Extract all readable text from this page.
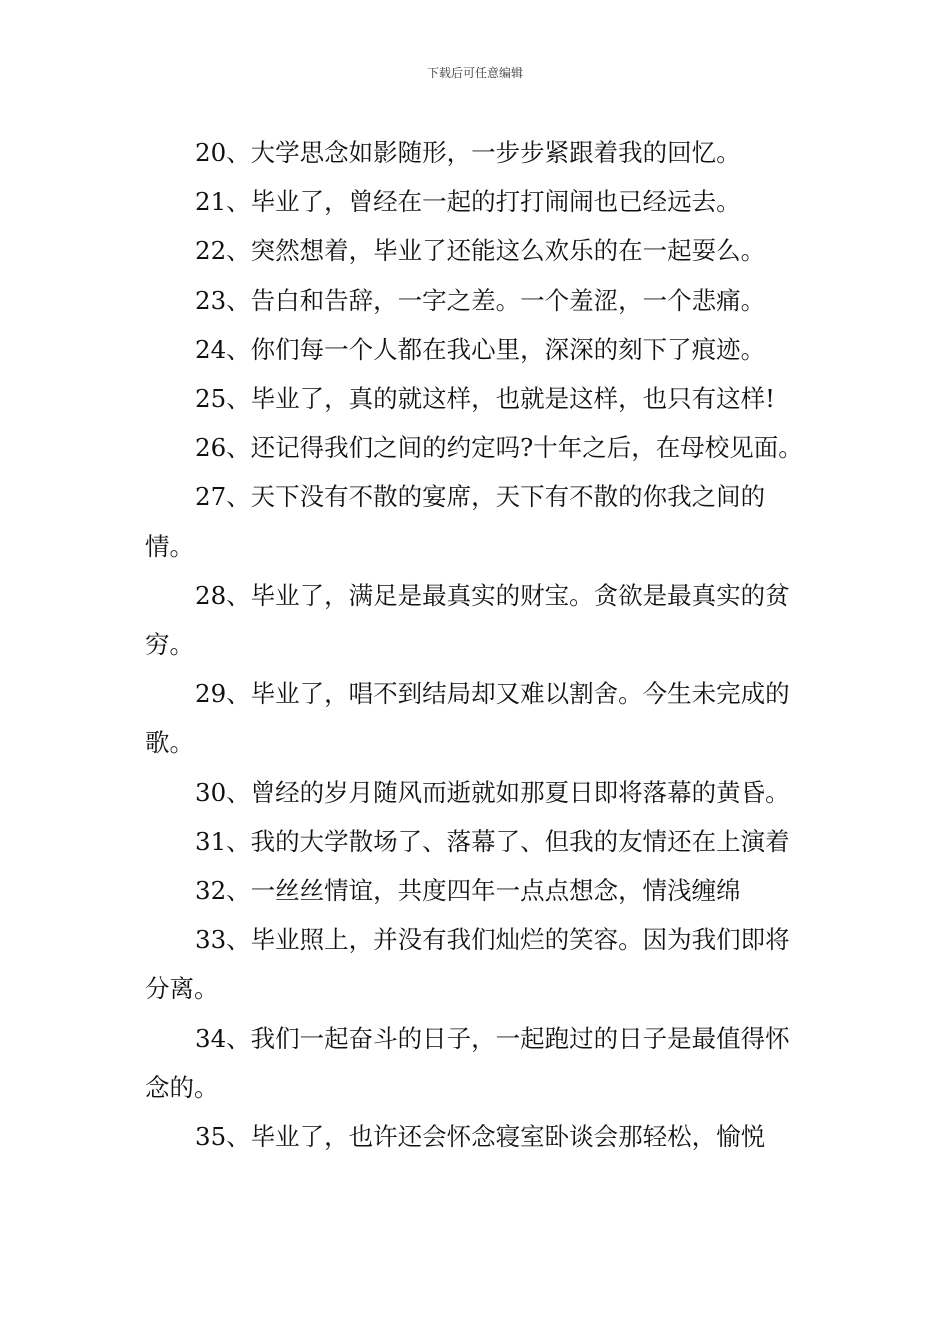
下载后可任意编辑

20、大学思念如影随形，一步步紧跟着我的回忆。

21、毕业了，曾经在一起的打打闹闹也已经远去。

22、突然想着，毕业了还能这么欢乐的在一起耍么。

23、告白和告辞，一字之差。一个羞涩，一个悲痛。

24、你们每一个人都在我心里，深深的刻下了痕迹。

25、毕业了，真的就这样，也就是这样，也只有这样!

26、还记得我们之间的约定吗?十年之后，在母校见面。

27、天下没有不散的宴席，天下有不散的你我之间的情。

28、毕业了，满足是最真实的财宝。贪欲是最真实的贫穷。

29、毕业了，唱不到结局却又难以割舍。今生未完成的歌。

30、曾经的岁月随风而逝就如那夏日即将落幕的黄昏。

31、我的大学散场了、落幕了、但我的友情还在上演着

32、一丝丝情谊，共度四年一点点想念，情浅缠绵

33、毕业照上，并没有我们灿烂的笑容。因为我们即将分离。

34、我们一起奋斗的日子，一起跑过的日子是最值得怀念的。

35、毕业了，也许还会怀念寝室卧谈会那轻松，愉悦
